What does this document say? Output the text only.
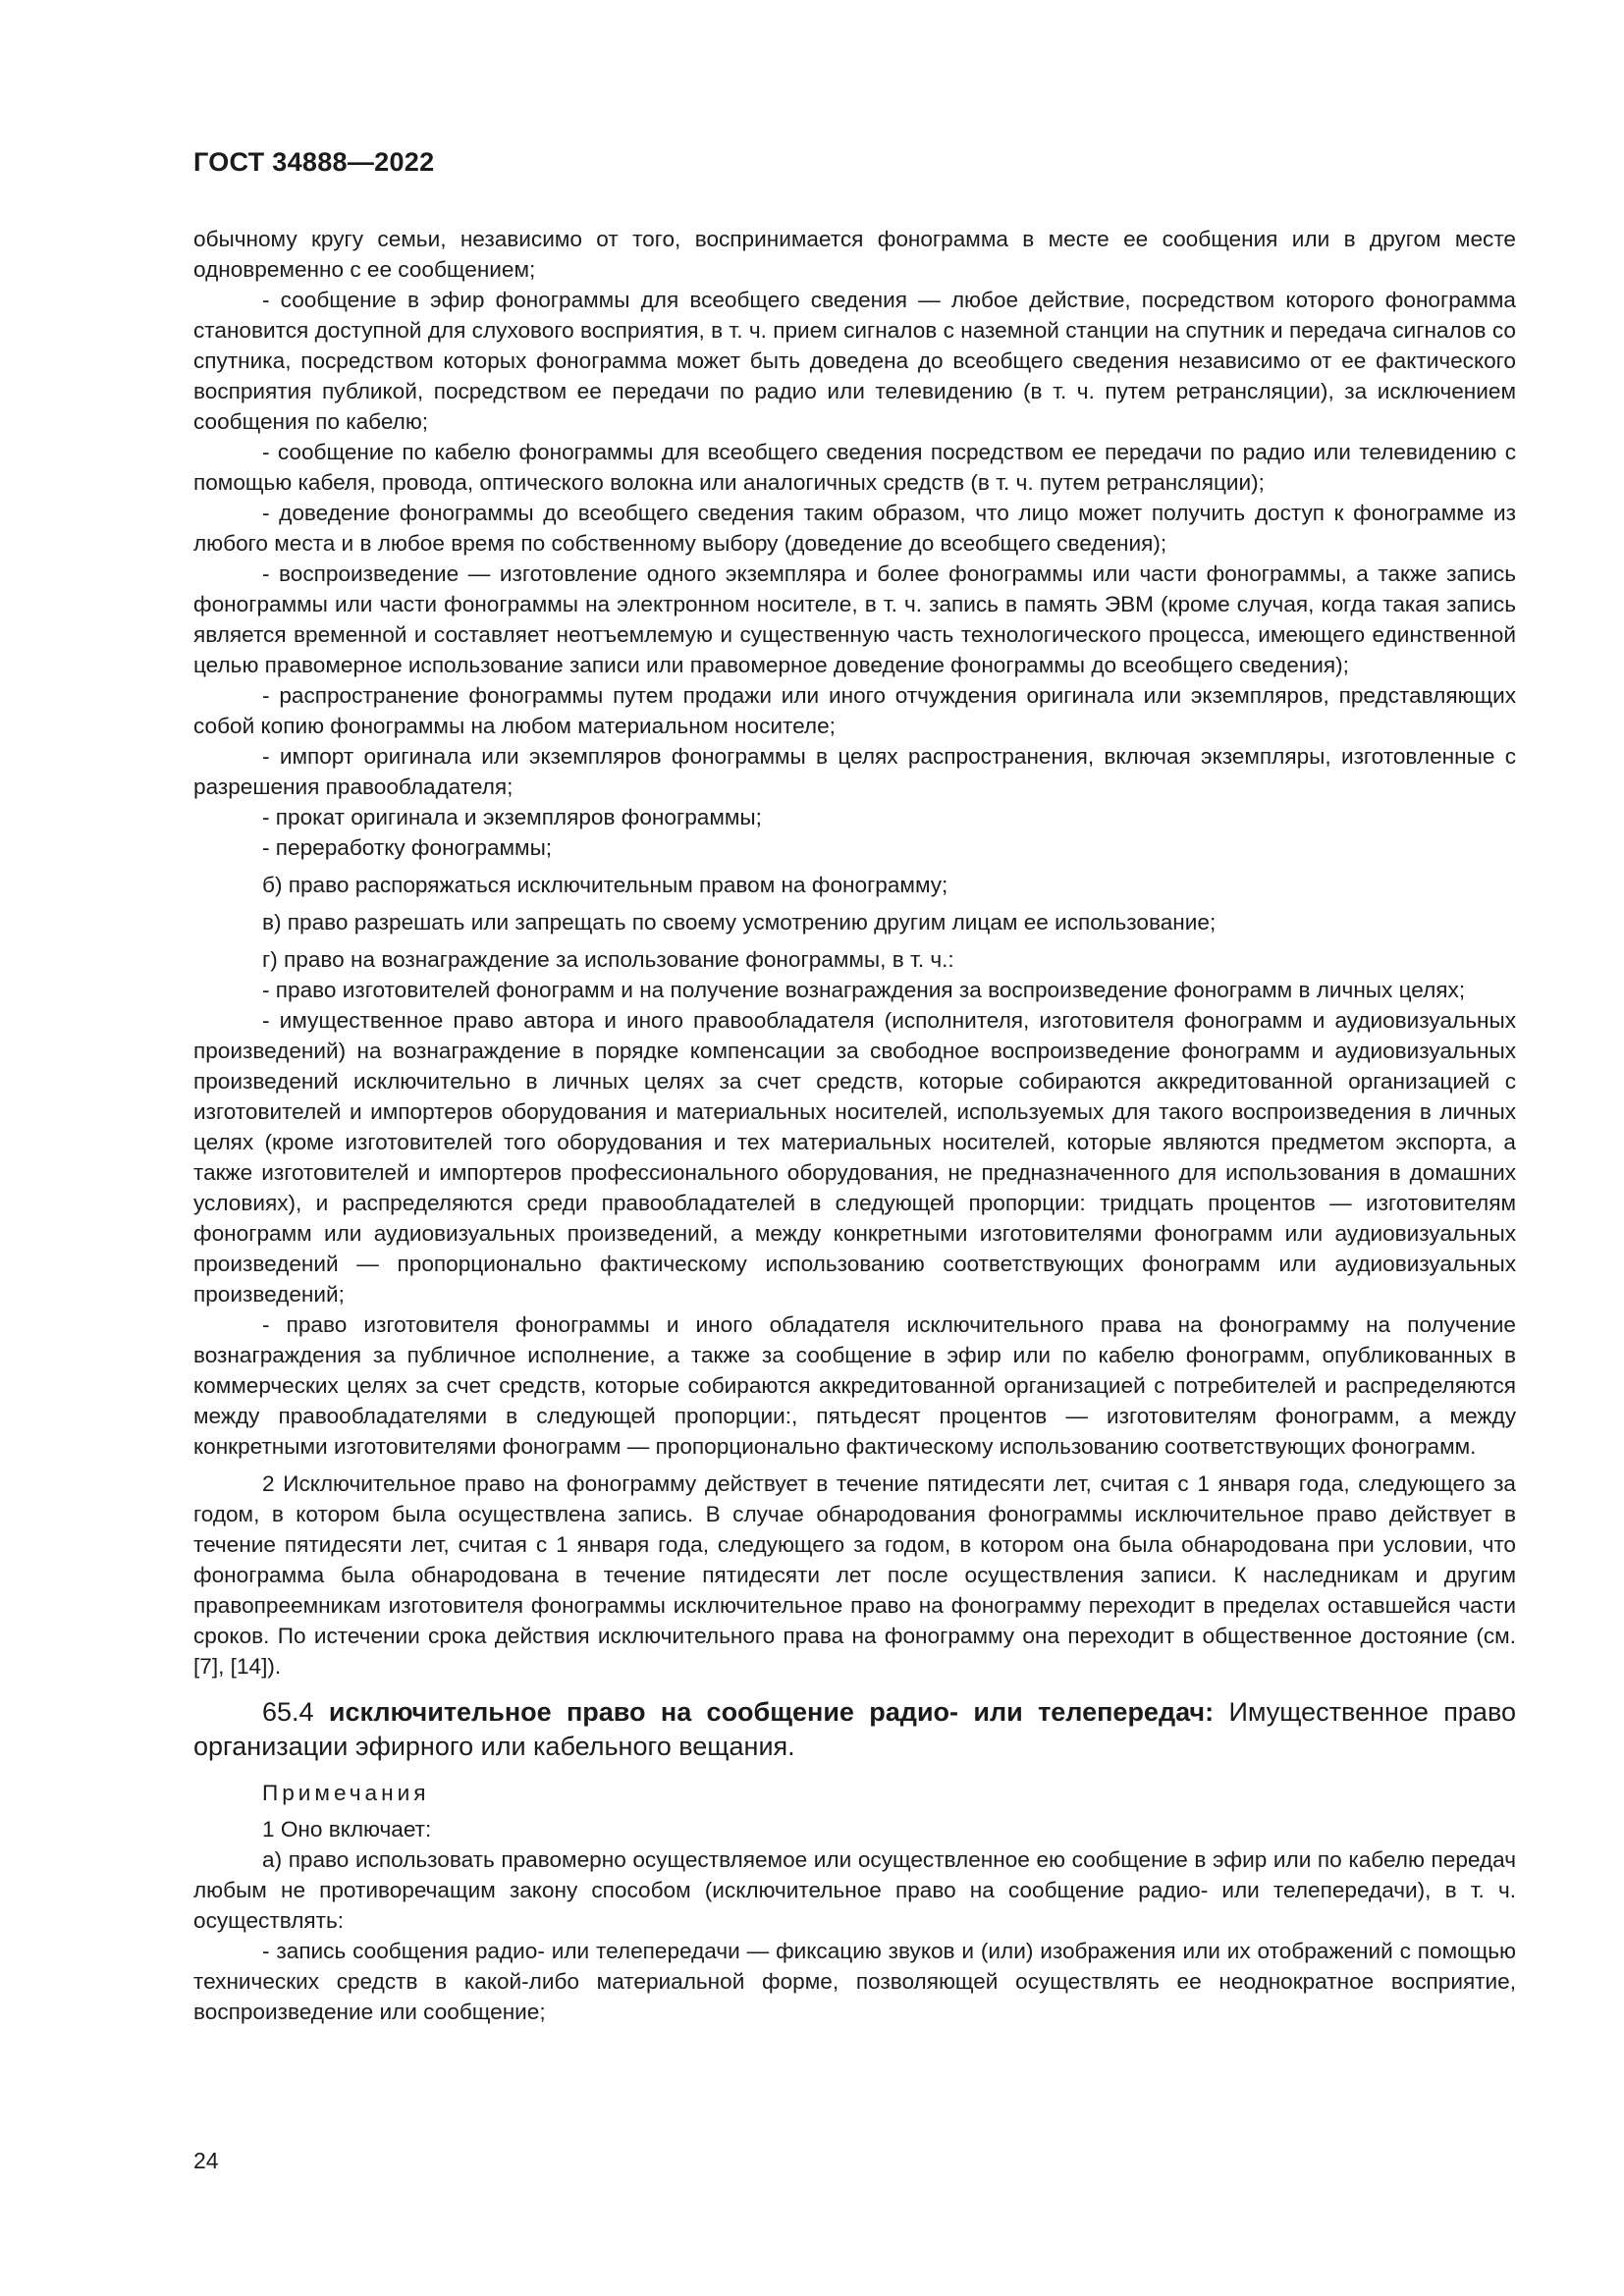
ГОСТ 34888—2022

обычному кругу семьи, независимо от того, воспринимается фонограмма в месте ее сообщения или в другом месте одновременно с ее сообщением;

- сообщение в эфир фонограммы для всеобщего сведения — любое действие, посредством которого фонограмма становится доступной для слухового восприятия, в т. ч. прием сигналов с наземной станции на спутник и передача сигналов со спутника, посредством которых фонограмма может быть доведена до всеобщего сведения независимо от ее фактического восприятия публикой, посредством ее передачи по радио или телевидению (в т. ч. путем ретрансляции), за исключением сообщения по кабелю;

- сообщение по кабелю фонограммы для всеобщего сведения посредством ее передачи по радио или телевидению с помощью кабеля, провода, оптического волокна или аналогичных средств (в т. ч. путем ретрансляции);

- доведение фонограммы до всеобщего сведения таким образом, что лицо может получить доступ к фонограмме из любого места и в любое время по собственному выбору (доведение до всеобщего сведения);

- воспроизведение — изготовление одного экземпляра и более фонограммы или части фонограммы, а также запись фонограммы или части фонограммы на электронном носителе, в т. ч. запись в память ЭВМ (кроме случая, когда такая запись является временной и составляет неотъемлемую и существенную часть технологического процесса, имеющего единственной целью правомерное использование записи или правомерное доведение фонограммы до всеобщего сведения);

- распространение фонограммы путем продажи или иного отчуждения оригинала или экземпляров, представляющих собой копию фонограммы на любом материальном носителе;

- импорт оригинала или экземпляров фонограммы в целях распространения, включая экземпляры, изготовленные с разрешения правообладателя;

- прокат оригинала и экземпляров фонограммы;

- переработку фонограммы;

б) право распоряжаться исключительным правом на фонограмму;

в) право разрешать или запрещать по своему усмотрению другим лицам ее использование;

г) право на вознаграждение за использование фонограммы, в т. ч.:

- право изготовителей фонограмм и на получение вознаграждения за воспроизведение фонограмм в личных целях;

- имущественное право автора и иного правообладателя (исполнителя, изготовителя фонограмм и аудиовизуальных произведений) на вознаграждение в порядке компенсации за свободное воспроизведение фонограмм и аудиовизуальных произведений исключительно в личных целях за счет средств, которые собираются аккредитованной организацией с изготовителей и импортеров оборудования и материальных носителей, используемых для такого воспроизведения в личных целях (кроме изготовителей того оборудования и тех материальных носителей, которые являются предметом экспорта, а также изготовителей и импортеров профессионального оборудования, не предназначенного для использования в домашних условиях), и распределяются среди правообладателей в следующей пропорции: тридцать процентов — изготовителям фонограмм или аудиовизуальных произведений, а между конкретными изготовителями фонограмм или аудиовизуальных произведений — пропорционально фактическому использованию соответствующих фонограмм или аудиовизуальных произведений;

- право изготовителя фонограммы и иного обладателя исключительного права на фонограмму на получение вознаграждения за публичное исполнение, а также за сообщение в эфир или по кабелю фонограмм, опубликованных в коммерческих целях за счет средств, которые собираются аккредитованной организацией с потребителей и распределяются между правообладателями в следующей пропорции:, пятьдесят процентов — изготовителям фонограмм, а между конкретными изготовителями фонограмм — пропорционально фактическому использованию соответствующих фонограмм.

2 Исключительное право на фонограмму действует в течение пятидесяти лет, считая с 1 января года, следующего за годом, в котором была осуществлена запись. В случае обнародования фонограммы исключительное право действует в течение пятидесяти лет, считая с 1 января года, следующего за годом, в котором она была обнародована при условии, что фонограмма была обнародована в течение пятидесяти лет после осуществления записи. К наследникам и другим правопреемникам изготовителя фонограммы исключительное право на фонограмму переходит в пределах оставшейся части сроков. По истечении срока действия исключительного права на фонограмму она переходит в общественное достояние (см. [7], [14]).

65.4 исключительное право на сообщение радио- или телепередач: Имущественное право организации эфирного или кабельного вещания.

Примечания

1 Оно включает:

а) право использовать правомерно осуществляемое или осуществленное ею сообщение в эфир или по кабелю передач любым не противоречащим закону способом (исключительное право на сообщение радио- или телепередачи), в т. ч. осуществлять:

- запись сообщения радио- или телепередачи — фиксацию звуков и (или) изображения или их отображений с помощью технических средств в какой-либо материальной форме, позволяющей осуществлять ее неоднократное восприятие, воспроизведение или сообщение;

24
